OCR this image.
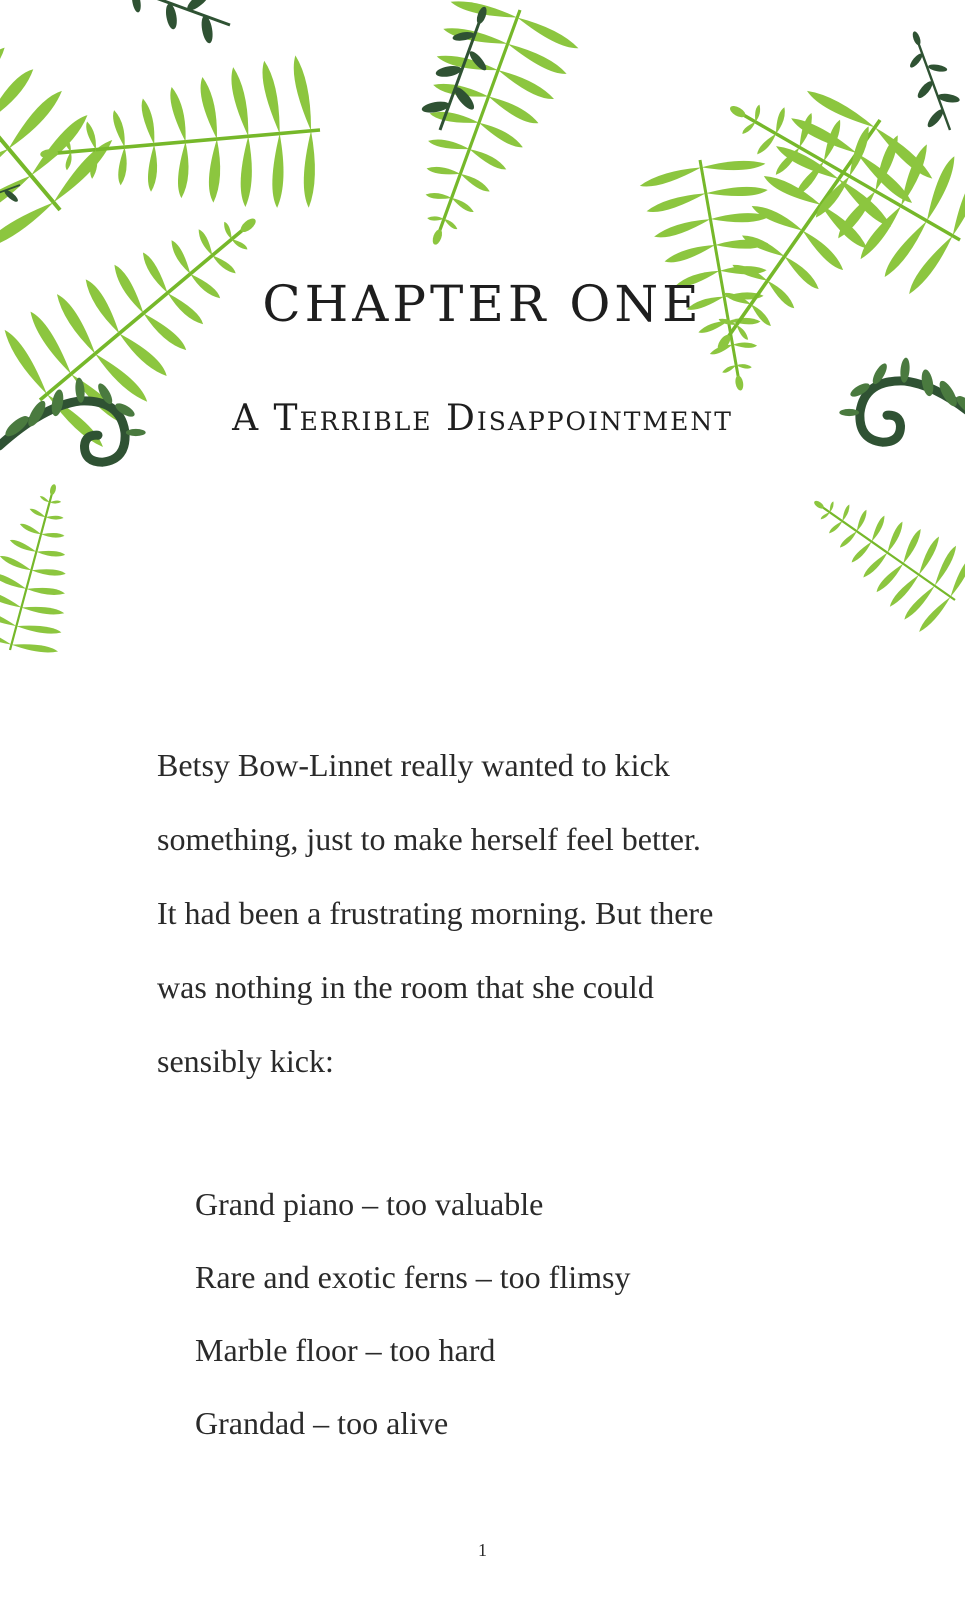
CHAPTER ONE
A Terrible Disappointment
Betsy Bow-Linnet really wanted to kick
something, just to make herself feel better.
It had been a frustrating morning. But there
was nothing in the room that she could
sensibly kick:
Grand piano – too valuable
Rare and exotic ferns – too flimsy
Marble floor – too hard
Grandad – too alive
1
